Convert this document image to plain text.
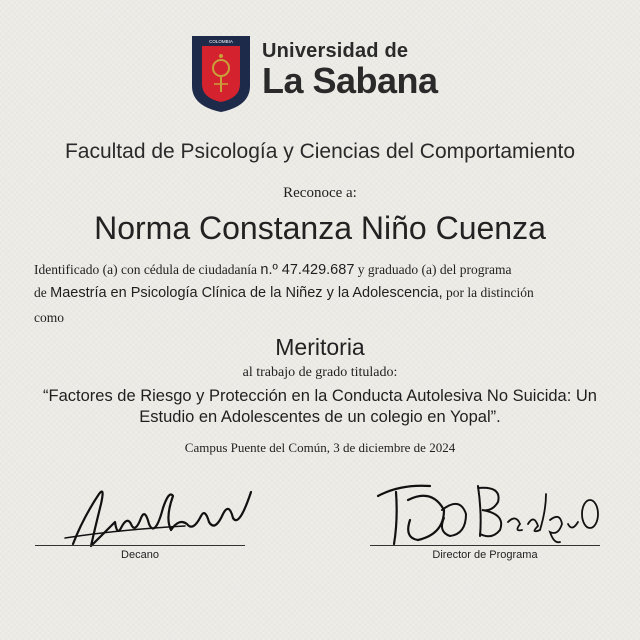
COLOMBIA Universidad de
La Sabana
Facultad de Psicología y Ciencias del Comportamiento
Reconoce a:
Norma Constanza Niño Cuenza
Identificado (a) con cédula de ciudadanía n.º 47.429.687 y graduado (a) del programa
de Maestría en Psicología Clínica de la Niñez y la Adolescencia, por la distinción
como
Meritoria
al trabajo de grado titulado:
“Factores de Riesgo y Protección en la Conducta Autolesiva No Suicida: Un Estudio en Adolescentes de un colegio en Yopal”.
Campus Puente del Común, 3 de diciembre de 2024
Decano	Director de Programa
